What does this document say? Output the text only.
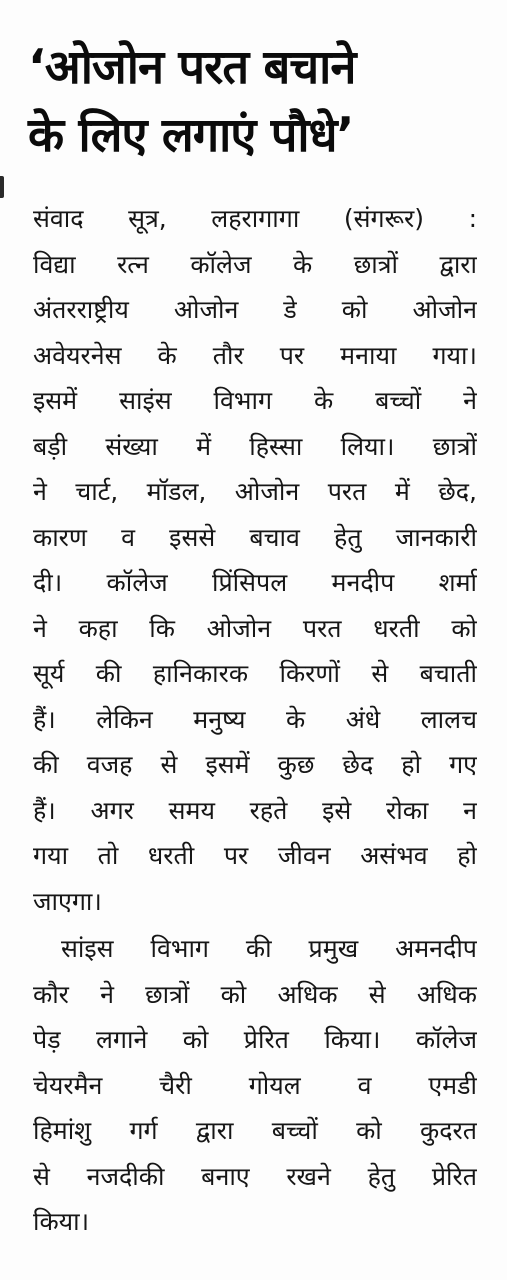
‘ओजोन परत बचाने
के लिए लगाएं पौधे’
संवाद सूत्र, लहरागागा (संगरूर) :
विद्या रत्न कॉलेज के छात्रों द्वारा
अंतरराष्ट्रीय ओजोन डे को ओजोन
अवेयरनेस के तौर पर मनाया गया।
इसमें साइंस विभाग के बच्चों ने
बड़ी संख्या में हिस्सा लिया। छात्रों
ने चार्ट, मॉडल, ओजोन परत में छेद,
कारण व इससे बचाव हेतु जानकारी
दी। कॉलेज प्रिंसिपल मनदीप शर्मा
ने कहा कि ओजोन परत धरती को
सूर्य की हानिकारक किरणों से बचाती
हैं। लेकिन मनुष्य के अंधे लालच
की वजह से इसमें कुछ छेद हो गए
हैं। अगर समय रहते इसे रोका न
गया तो धरती पर जीवन असंभव हो
जाएगा।
सांइस विभाग की प्रमुख अमनदीप
कौर ने छात्रों को अधिक से अधिक
पेड़ लगाने को प्रेरित किया। कॉलेज
चेयरमैन चैरी गोयल व एमडी
हिमांशु गर्ग द्वारा बच्चों को कुदरत
से नजदीकी बनाए रखने हेतु प्रेरित
किया।
